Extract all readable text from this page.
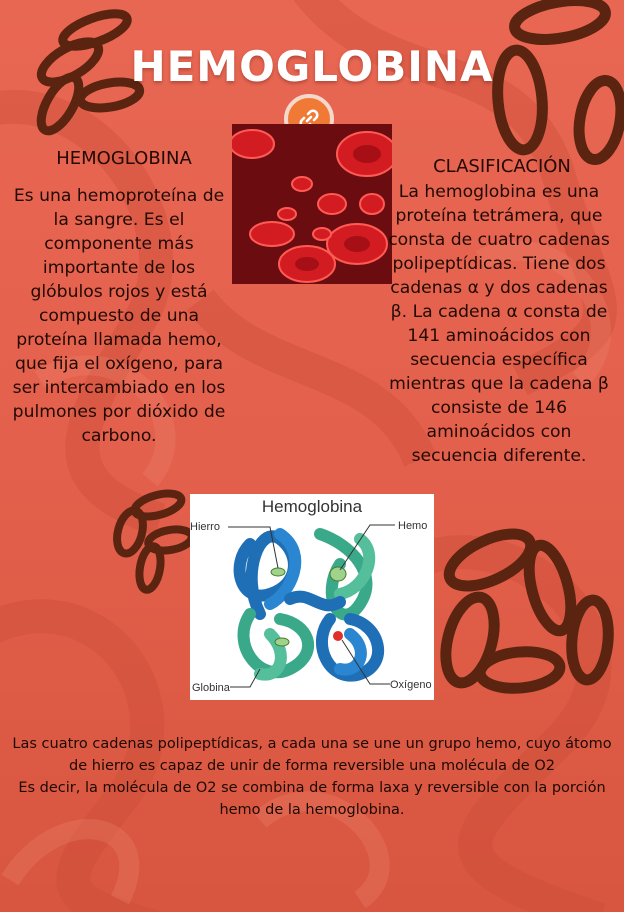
HEMOGLOBINA
HEMOGLOBINA
Es una hemoproteína de la sangre. Es el componente más importante de los glóbulos rojos y está compuesto de una proteína llamada hemo, que fija el oxígeno, para ser intercambiado en los pulmones por dióxido de carbono.
CLASIFICACIÓN
La hemoglobina es una proteína tetrámera, que consta de cuatro cadenas polipeptídicas. Tiene dos cadenas α y dos cadenas β. La cadena α consta de 141 aminoácidos con secuencia específica mientras que la cadena β consiste de 146 aminoácidos con secuencia diferente.
Hemoglobina
Hierro	Hemo
Globina	Oxígeno

Las cuatro cadenas polipeptídicas, a cada una se une un grupo hemo, cuyo átomo de hierro es capaz de unir de forma reversible una molécula de O2

Es decir, la molécula de O2 se combina de forma laxa y reversible con la porción hemo de la hemoglobina.
